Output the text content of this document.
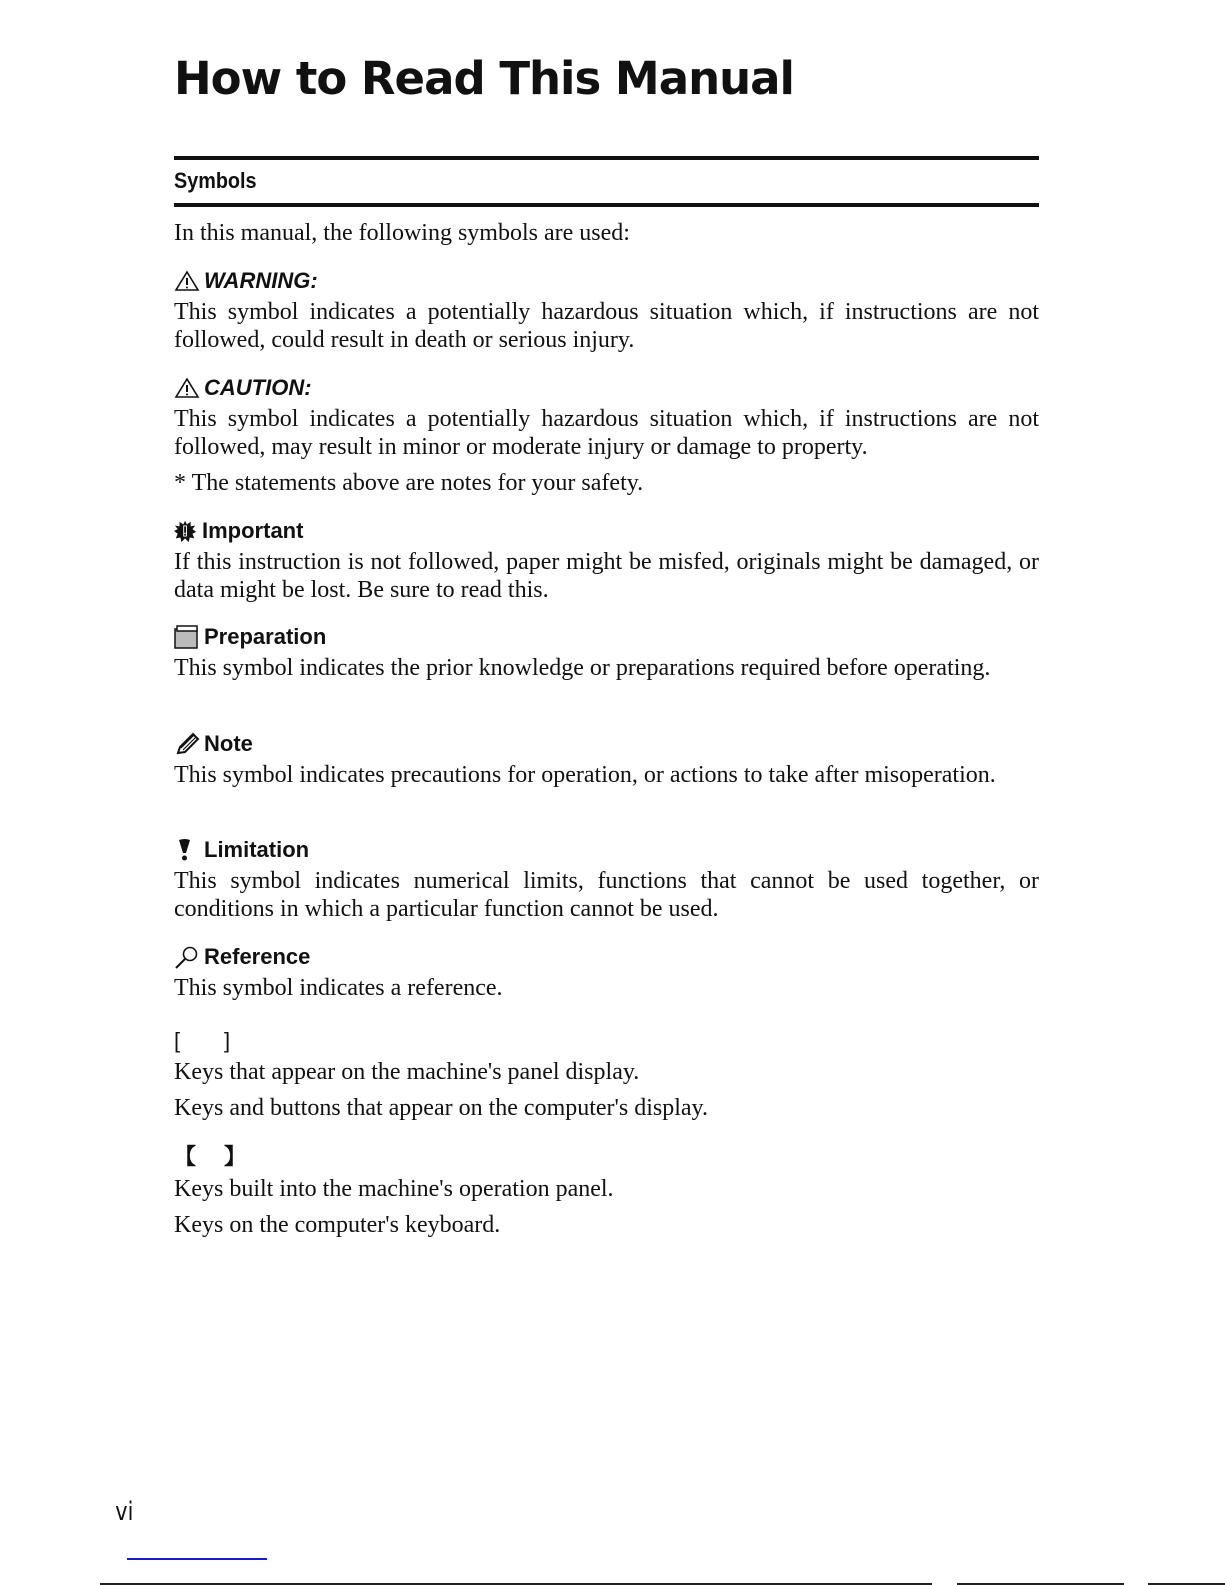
How to Read This Manual
Symbols

In this manual, the following symbols are used:

WARNING:

This symbol indicates a potentially hazardous situation which, if instructions are not followed, could result in death or serious injury.

CAUTION:

This symbol indicates a potentially hazardous situation which, if instructions are not followed, may result in minor or moderate injury or damage to property.

* The statements above are notes for your safety.

Important

If this instruction is not followed, paper might be misfed, originals might be damaged, or data might be lost. Be sure to read this.

Preparation

This symbol indicates the prior knowledge or preparations required before operating.

Note

This symbol indicates precautions for operation, or actions to take after misoperation.

Limitation

This symbol indicates numerical limits, functions that cannot be used together, or conditions in which a particular function cannot be used.

Reference

This symbol indicates a reference.

[ ]

Keys that appear on the machine's panel display.

Keys and buttons that appear on the computer's display.

【 】

Keys built into the machine's operation panel.

Keys on the computer's keyboard.

vi
